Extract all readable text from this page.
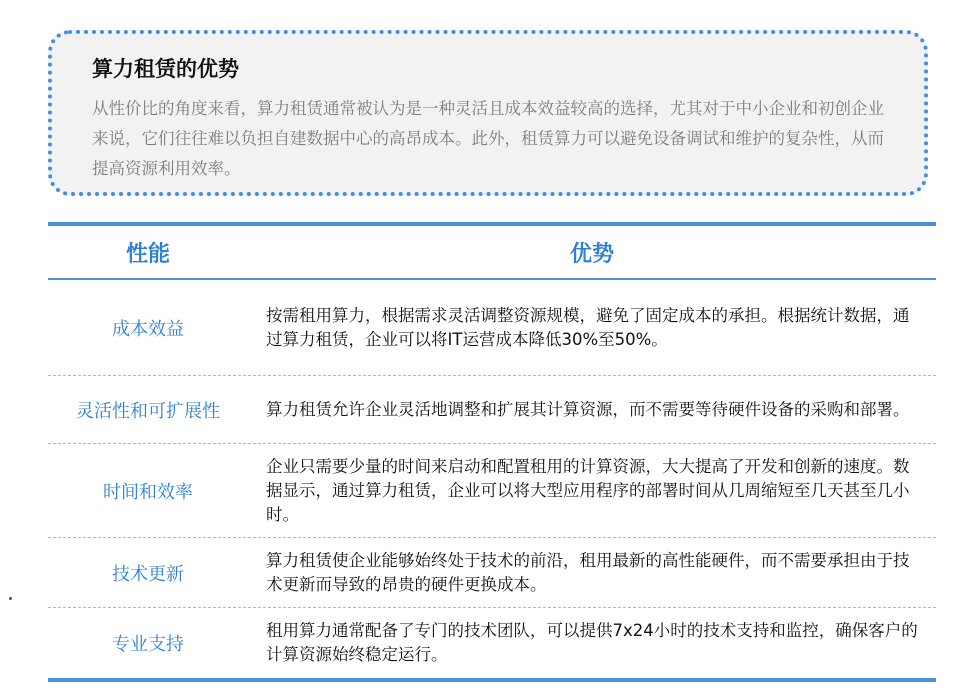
算力租赁的优势
从性价比的角度来看，算力租赁通常被认为是一种灵活且成本效益较高的选择，尤其对于中小企业和初创企业来说，它们往往难以负担自建数据中心的高昂成本。此外，租赁算力可以避免设备调试和维护的复杂性，从而提高资源利用效率。
性能	优势
成本效益
按需租用算力，根据需求灵活调整资源规模，避免了固定成本的承担。根据统计数据，通过算力租赁，企业可以将IT运营成本降低30%至50%。
灵活性和可扩展性	算力租赁允许企业灵活地调整和扩展其计算资源，而不需要等待硬件设备的采购和部署。
时间和效率
企业只需要少量的时间来启动和配置租用的计算资源，大大提高了开发和创新的速度。数据显示，通过算力租赁，企业可以将大型应用程序的部署时间从几周缩短至几天甚至几小时。
技术更新
算力租赁使企业能够始终处于技术的前沿，租用最新的高性能硬件，而不需要承担由于技术更新而导致的昂贵的硬件更换成本。
专业支持
租用算力通常配备了专门的技术团队，可以提供7x24小时的技术支持和监控，确保客户的计算资源始终稳定运行。
